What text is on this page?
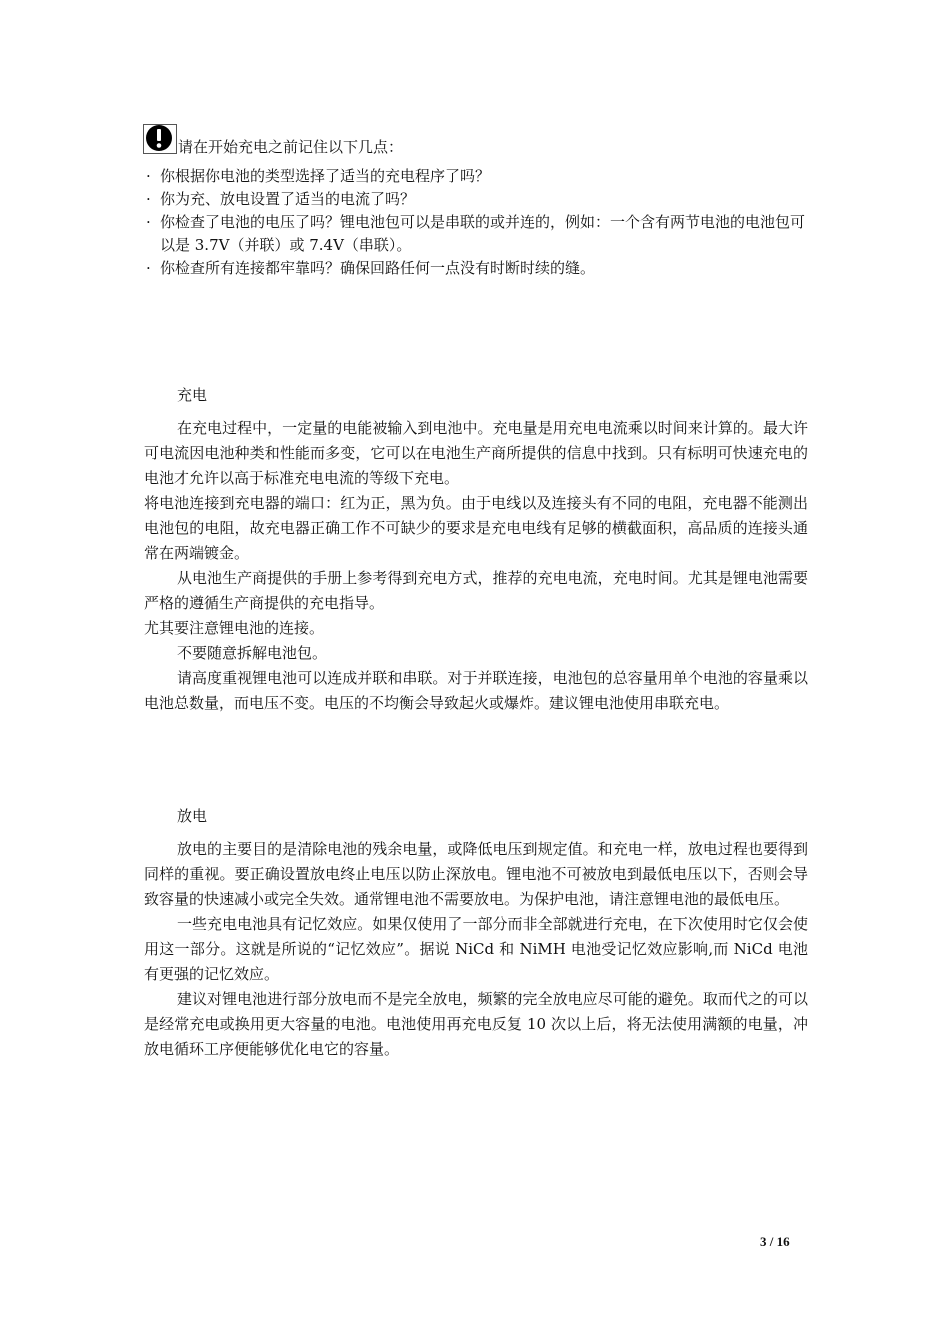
请在开始充电之前记住以下几点：
· 你根据你电池的类型选择了适当的充电程序了吗？
· 你为充、放电设置了适当的电流了吗？
· 你检查了电池的电压了吗？锂电池包可以是串联的或并连的，例如：一个含有两节电池的电池包可以是 3.7V（并联）或 7.4V（串联）。
· 你检查所有连接都牢靠吗？确保回路任何一点没有时断时续的缝。

充电

在充电过程中，一定量的电能被输入到电池中。充电量是用充电电流乘以时间来计算的。最大许可电流因电池种类和性能而多变，它可以在电池生产商所提供的信息中找到。只有标明可快速充电的电池才允许以高于标准充电电流的等级下充电。

将电池连接到充电器的端口：红为正，黑为负。由于电线以及连接头有不同的电阻，充电器不能测出电池包的电阻，故充电器正确工作不可缺少的要求是充电电线有足够的横截面积，高品质的连接头通常在两端镀金。

从电池生产商提供的手册上参考得到充电方式，推荐的充电电流，充电时间。尤其是锂电池需要严格的遵循生产商提供的充电指导。

尤其要注意锂电池的连接。

不要随意拆解电池包。

请高度重视锂电池可以连成并联和串联。对于并联连接，电池包的总容量用单个电池的容量乘以电池总数量，而电压不变。电压的不均衡会导致起火或爆炸。建议锂电池使用串联充电。

放电

放电的主要目的是清除电池的残余电量，或降低电压到规定值。和充电一样，放电过程也要得到同样的重视。要正确设置放电终止电压以防止深放电。锂电池不可被放电到最低电压以下，否则会导致容量的快速减小或完全失效。通常锂电池不需要放电。为保护电池，请注意锂电池的最低电压。

一些充电电池具有记忆效应。如果仅使用了一部分而非全部就进行充电，在下次使用时它仅会使用这一部分。这就是所说的“记忆效应”。据说 NiCd 和 NiMH 电池受记忆效应影响,而 NiCd 电池有更强的记忆效应。

建议对锂电池进行部分放电而不是完全放电，频繁的完全放电应尽可能的避免。取而代之的可以是经常充电或换用更大容量的电池。电池使用再充电反复 10 次以上后，将无法使用满额的电量，冲放电循环工序便能够优化电它的容量。

3 / 16
